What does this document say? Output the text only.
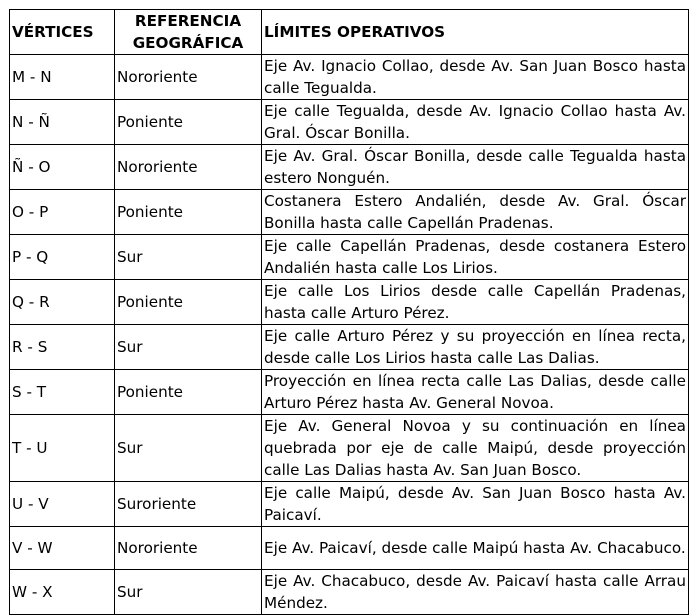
VÉRTICES	REFERENCIA GEOGRÁFICA	LÍMITES OPERATIVOS
M - N	Nororiente	Eje Av. Ignacio Collao, desde Av. San Juan Bosco hasta calle Tegualda.
N - Ñ	Poniente	Eje calle Tegualda, desde Av. Ignacio Collao hasta Av. Gral. Óscar Bonilla.
Ñ - O	Nororiente	Eje Av. Gral. Óscar Bonilla, desde calle Tegualda hasta estero Nonguén.
O - P	Poniente	Costanera Estero Andalién, desde Av. Gral. Óscar Bonilla hasta calle Capellán Pradenas.
P - Q	Sur	Eje calle Capellán Pradenas, desde costanera Estero Andalién hasta calle Los Lirios.
Q - R	Poniente	Eje calle Los Lirios desde calle Capellán Pradenas, hasta calle Arturo Pérez.
R - S	Sur	Eje calle Arturo Pérez y su proyección en línea recta, desde calle Los Lirios hasta calle Las Dalias.
S - T	Poniente	Proyección en línea recta calle Las Dalias, desde calle Arturo Pérez hasta Av. General Novoa.
T - U	Sur	Eje Av. General Novoa y su continuación en línea quebrada por eje de calle Maipú, desde proyección calle Las Dalias hasta Av. San Juan Bosco.
U - V	Suroriente	Eje calle Maipú, desde Av. San Juan Bosco hasta Av. Paicaví.
V - W	Nororiente	Eje Av. Paicaví, desde calle Maipú hasta Av. Chacabuco.
W - X	Sur	Eje Av. Chacabuco, desde Av. Paicaví hasta calle Arrau Méndez.
